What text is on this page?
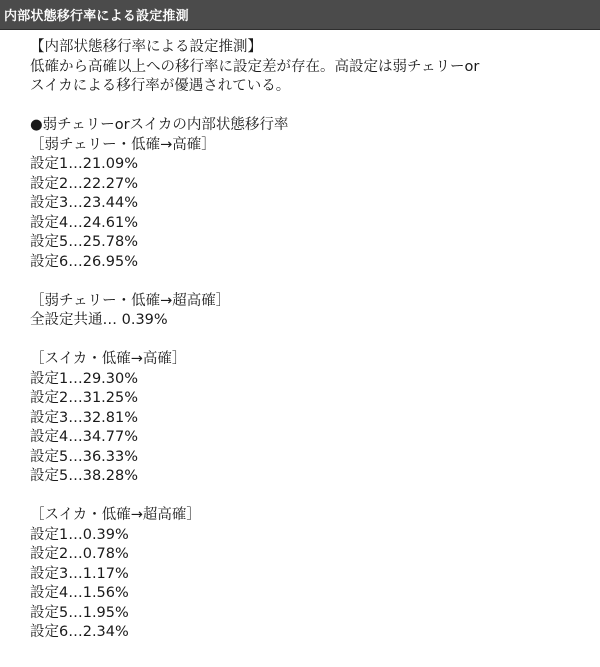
内部状態移行率による設定推測
【内部状態移行率による設定推測】
低確から高確以上への移行率に設定差が存在。高設定は弱チェリーor
スイカによる移行率が優遇されている。
●弱チェリーorスイカの内部状態移行率
［弱チェリー・低確→高確］
設定1…21.09%
設定2…22.27%
設定3…23.44%
設定4…24.61%
設定5…25.78%
設定6…26.95%
［弱チェリー・低確→超高確］
全設定共通… 0.39%
［スイカ・低確→高確］
設定1…29.30%
設定2…31.25%
設定3…32.81%
設定4…34.77%
設定5…36.33%
設定5…38.28%
［スイカ・低確→超高確］
設定1…0.39%
設定2…0.78%
設定3…1.17%
設定4…1.56%
設定5…1.95%
設定6…2.34%
